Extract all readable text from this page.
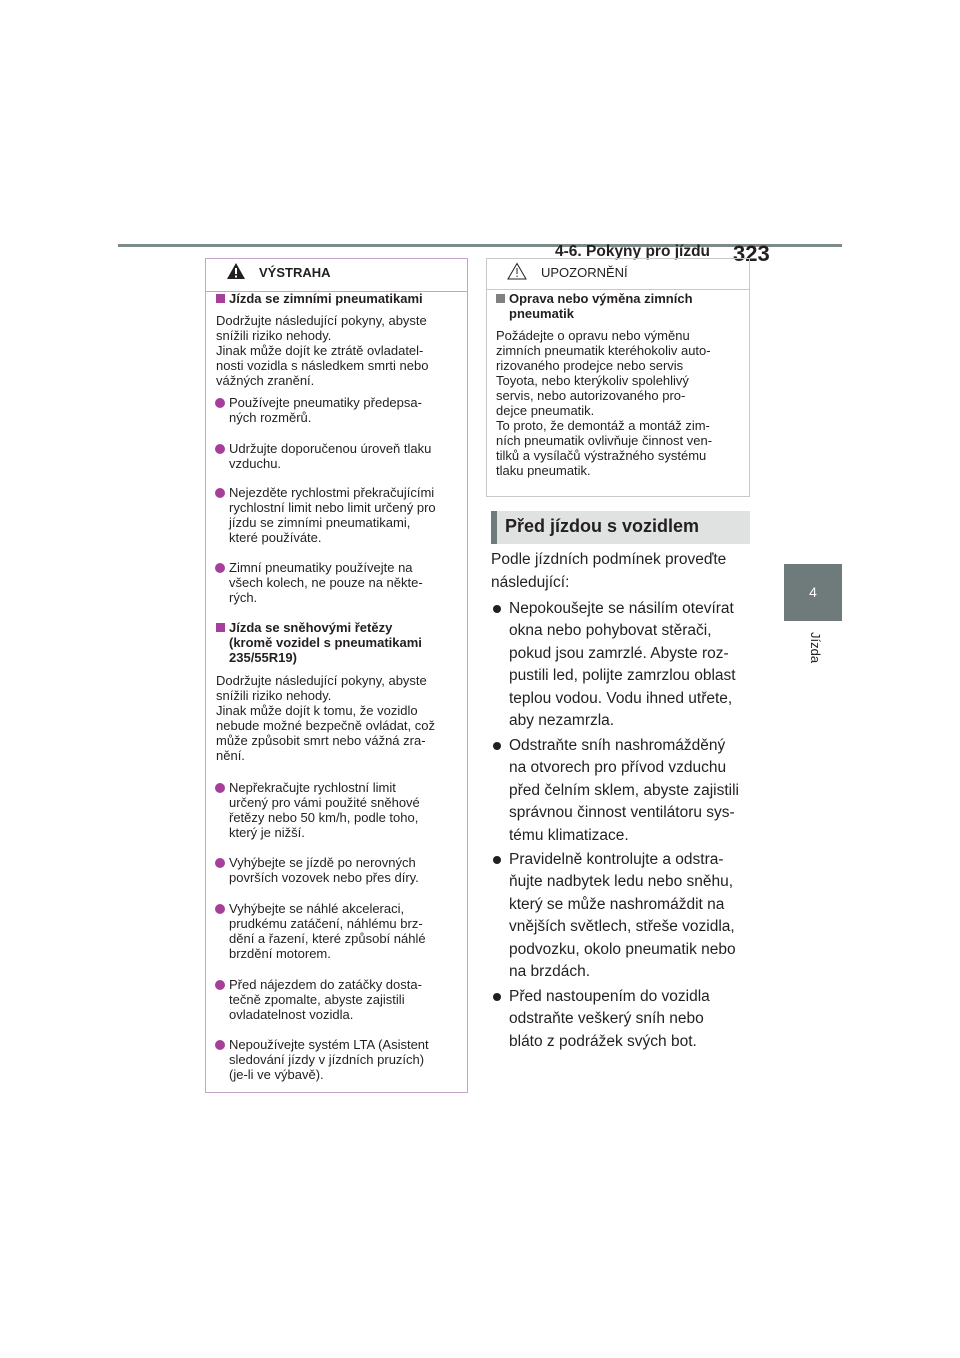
4-6. Pokyny pro jízdu 323
4
Jízda
VÝSTRAHA
Jízda se zimními pneumatikami
Dodržujte následující pokyny, abyste
snížili riziko nehody.
Jinak může dojít ke ztrátě ovladatel-
nosti vozidla s následkem smrti nebo
vážných zranění.
Používejte pneumatiky předepsa-
ných rozměrů.
Udržujte doporučenou úroveň tlaku
vzduchu.
Nejezděte rychlostmi překračujícími
rychlostní limit nebo limit určený pro
jízdu se zimními pneumatikami,
které používáte.
Zimní pneumatiky používejte na
všech kolech, ne pouze na někte-
rých.
Jízda se sněhovými řetězy
(kromě vozidel s pneumatikami
235/55R19)
Dodržujte následující pokyny, abyste
snížili riziko nehody.
Jinak může dojít k tomu, že vozidlo
nebude možné bezpečně ovládat, což
může způsobit smrt nebo vážná zra-
nění.
Nepřekračujte rychlostní limit
určený pro vámi použité sněhové
řetězy nebo 50 km/h, podle toho,
který je nižší.
Vyhýbejte se jízdě po nerovných
površích vozovek nebo přes díry.
Vyhýbejte se náhlé akceleraci,
prudkému zatáčení, náhlému brz-
dění a řazení, které způsobí náhlé
brzdění motorem.
Před nájezdem do zatáčky dosta-
tečně zpomalte, abyste zajistili
ovladatelnost vozidla.
Nepoužívejte systém LTA (Asistent
sledování jízdy v jízdních pruzích)
(je-li ve výbavě).
UPOZORNĚNÍ
Oprava nebo výměna zimních
pneumatik
Požádejte o opravu nebo výměnu
zimních pneumatik kteréhokoliv auto-
rizovaného prodejce nebo servis
Toyota, nebo kterýkoliv spolehlivý
servis, nebo autorizovaného pro-
dejce pneumatik.
To proto, že demontáž a montáž zim-
ních pneumatik ovlivňuje činnost ven-
tilků a vysílačů výstražného systému
tlaku pneumatik.
Před jízdou s vozidlem
Podle jízdních podmínek proveďte
následující:
Nepokoušejte se násilím otevírat
okna nebo pohybovat stěrači,
pokud jsou zamrzlé. Abyste roz-
pustili led, polijte zamrzlou oblast
teplou vodou. Vodu ihned utřete,
aby nezamrzla.
Odstraňte sníh nashromážděný
na otvorech pro přívod vzduchu
před čelním sklem, abyste zajistili
správnou činnost ventilátoru sys-
tému klimatizace.
Pravidelně kontrolujte a odstra-
ňujte nadbytek ledu nebo sněhu,
který se může nashromáždit na
vnějších světlech, střeše vozidla,
podvozku, okolo pneumatik nebo
na brzdách.
Před nastoupením do vozidla
odstraňte veškerý sníh nebo
bláto z podrážek svých bot.
